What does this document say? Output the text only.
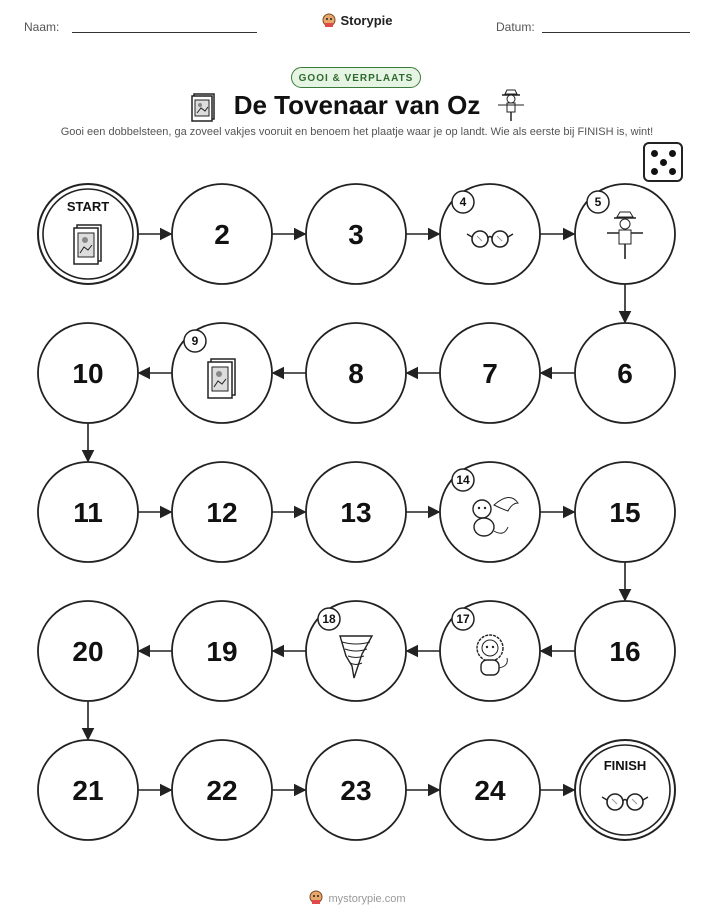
Naam:	Storypie	Datum:
GOOI & VERPLAATS
De Tovenaar van Oz
Gooi een dobbelsteen, ga zoveel vakjes vooruit en benoem het plaatje waar je op landt. Wie als eerste bij FINISH is, wint!
START
2	3
4	5
6
7
8
9
10
11	12	13
14
15
16
17
18
19
20
21	22	23	24
FINISH
mystorypie.com
